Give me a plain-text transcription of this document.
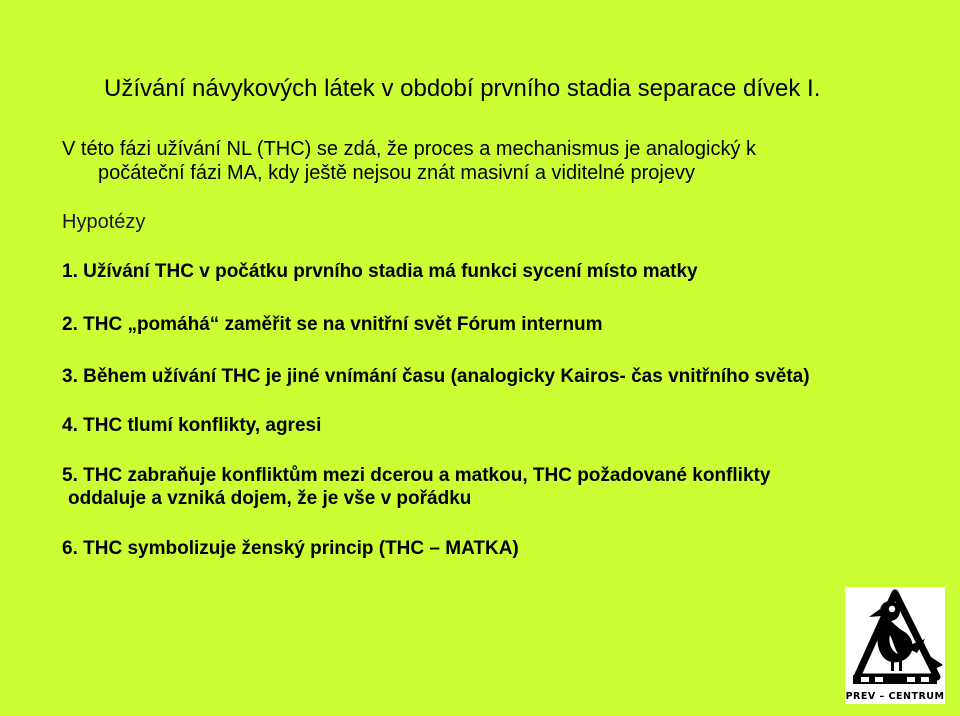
Užívání návykových látek v období prvního stadia separace dívek I.
V této fázi užívání NL (THC) se zdá, že proces a mechanismus je analogický k
počáteční fázi MA, kdy ještě nejsou znát masivní a viditelné projevy
Hypotézy
1. Užívání THC v počátku prvního stadia má funkci sycení místo matky
2. THC „pomáhá“ zaměřit se na vnitřní svět Fórum internum
3. Během užívání THC je jiné vnímání času (analogicky Kairos- čas vnitřního světa)
4. THC tlumí konflikty, agresi
5. THC zabraňuje konfliktům mezi dcerou a matkou, THC požadované konflikty
oddaluje a vzniká dojem, že je vše v pořádku
6. THC symbolizuje ženský princip (THC – MATKA)
PREV – CENTRUM
